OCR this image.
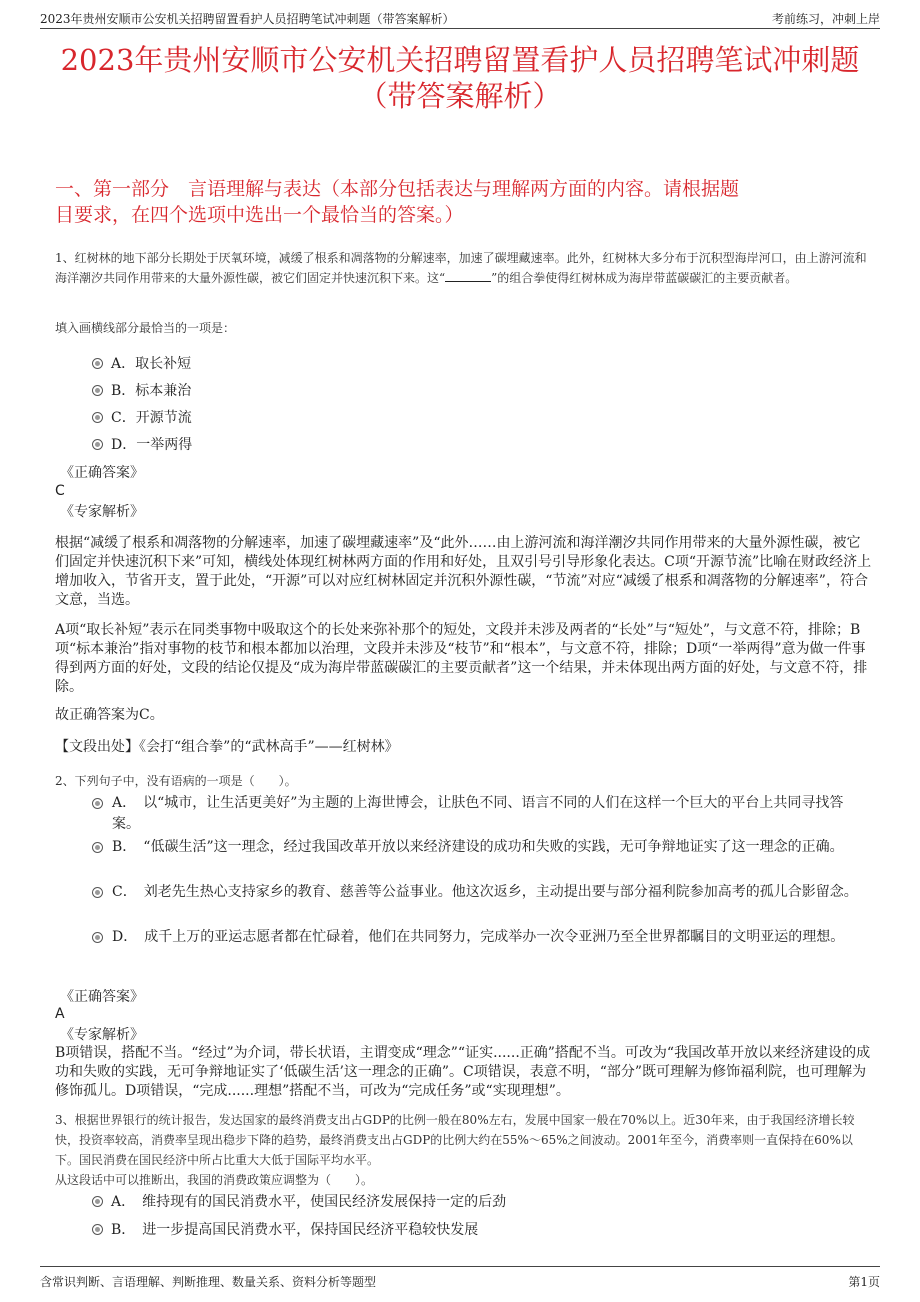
2023年贵州安顺市公安机关招聘留置看护人员招聘笔试冲刺题（带答案解析）	考前练习，冲刺上岸
2023年贵州安顺市公安机关招聘留置看护人员招聘笔试冲刺题
（带答案解析）
一、第一部分　言语理解与表达（本部分包括表达与理解两方面的内容。请根据题
目要求，在四个选项中选出一个最恰当的答案。）
1、红树林的地下部分长期处于厌氧环境，减缓了根系和凋落物的分解速率，加速了碳埋藏速率。此外，红树林大多分布于沉积型海岸河口，由上游河流和海洋潮汐共同作用带来的大量外源性碳，被它们固定并快速沉积下来。这“	”的组合拳使得红树林成为海岸带蓝碳碳汇的主要贡献者。
填入画横线部分最恰当的一项是：
A．取长补短
B．标本兼治
C．开源节流
D．一举两得
《正确答案》
C
《专家解析》
根据“减缓了根系和凋落物的分解速率，加速了碳埋藏速率”及“此外……由上游河流和海洋潮汐共同作用带来的大量外源性碳，被它们固定并快速沉积下来”可知，横线处体现红树林两方面的作用和好处，且双引号引导形象化表达。C项“开源节流”比喻在财政经济上增加收入，节省开支，置于此处，“开源”可以对应红树林固定并沉积外源性碳，“节流”对应“减缓了根系和凋落物的分解速率”，符合文意，当选。
A项“取长补短”表示在同类事物中吸取这个的长处来弥补那个的短处，文段并未涉及两者的“长处”与“短处”，与文意不符，排除；B项“标本兼治”指对事物的枝节和根本都加以治理，文段并未涉及“枝节”和“根本”，与文意不符，排除；D项“一举两得”意为做一件事得到两方面的好处，文段的结论仅提及“成为海岸带蓝碳碳汇的主要贡献者”这一个结果，并未体现出两方面的好处，与文意不符，排除。
故正确答案为C。
【文段出处】《会打“组合拳”的“武林高手”——红树林》
2、下列句子中，没有语病的一项是（　　）。
A．　以“城市，让生活更美好”为主题的上海世博会，让肤色不同、语言不同的人们在这样一个巨大的平台上共同寻找答案。
B．　“低碳生活”这一理念，经过我国改革开放以来经济建设的成功和失败的实践，无可争辩地证实了这一理念的正确。
C．　刘老先生热心支持家乡的教育、慈善等公益事业。他这次返乡，主动提出要与部分福利院参加高考的孤儿合影留念。
D．　成千上万的亚运志愿者都在忙碌着，他们在共同努力，完成举办一次令亚洲乃至全世界都瞩目的文明亚运的理想。
《正确答案》
A
《专家解析》
B项错误，搭配不当。“经过”为介词，带长状语，主谓变成“理念”“证实......正确”搭配不当。可改为“我国改革开放以来经济建设的成功和失败的实践，无可争辩地证实了‘低碳生活’这一理念的正确”。C项错误，表意不明，“部分”既可理解为修饰福利院，也可理解为修饰孤儿。D项错误，“完成......理想”搭配不当，可改为“完成任务”或“实现理想”。
3、根据世界银行的统计报告，发达国家的最终消费支出占GDP的比例一般在80%左右，发展中国家一般在70%以上。近30年来，由于我国经济增长较快，投资率较高，消费率呈现出稳步下降的趋势，最终消费支出占GDP的比例大约在55%～65%之间波动。2001年至今，消费率则一直保持在60%以下。国民消费在国民经济中所占比重大大低于国际平均水平。
从这段话中可以推断出，我国的消费政策应调整为（　　）。
A．　维持现有的国民消费水平，使国民经济发展保持一定的后劲
B．　进一步提高国民消费水平，保持国民经济平稳较快发展
含常识判断、言语理解、判断推理、数量关系、资料分析等题型	第1页
